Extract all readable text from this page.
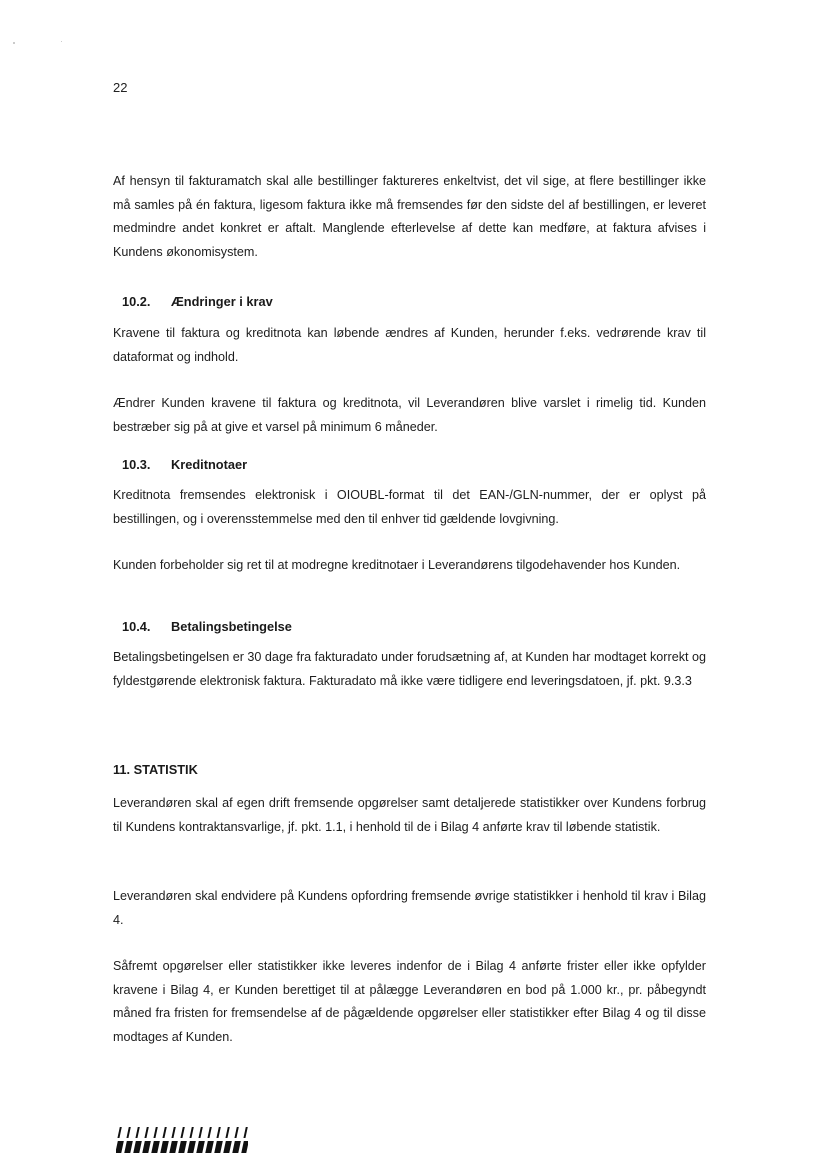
22

Af hensyn til fakturamatch skal alle bestillinger faktureres enkeltvist, det vil sige, at flere bestillinger ikke må samles på én faktura, ligesom faktura ikke må fremsendes før den sidste del af bestillingen, er leveret medmindre andet konkret er aftalt. Manglende efterlevelse af dette kan medføre, at faktura afvises i Kundens økonomisystem.

10.2. Ændringer i krav

Kravene til faktura og kreditnota kan løbende ændres af Kunden, herunder f.eks. vedrørende krav til dataformat og indhold.

Ændrer Kunden kravene til faktura og kreditnota, vil Leverandøren blive varslet i rimelig tid. Kunden bestræber sig på at give et varsel på minimum 6 måneder.

10.3. Kreditnotaer

Kreditnota fremsendes elektronisk i OIOUBL-format til det EAN-/GLN-nummer, der er oplyst på bestillingen, og i overensstemmelse med den til enhver tid gældende lovgivning.

Kunden forbeholder sig ret til at modregne kreditnotaer i Leverandørens tilgodehavender hos Kunden.

10.4. Betalingsbetingelse

Betalingsbetingelsen er 30 dage fra fakturadato under forudsætning af, at Kunden har modtaget korrekt og fyldestgørende elektronisk faktura. Fakturadato må ikke være tidligere end leveringsdatoen, jf. pkt. 9.3.3

11. STATISTIK

Leverandøren skal af egen drift fremsende opgørelser samt detaljerede statistikker over Kundens forbrug til Kundens kontraktansvarlige, jf. pkt. 1.1, i henhold til de i Bilag 4 anførte krav til løbende statistik.

Leverandøren skal endvidere på Kundens opfordring fremsende øvrige statistikker i henhold til krav i Bilag 4.

Såfremt opgørelser eller statistikker ikke leveres indenfor de i Bilag 4 anførte frister eller ikke opfylder kravene i Bilag 4, er Kunden berettiget til at pålægge Leverandøren en bod på 1.000 kr., pr. påbegyndt måned fra fristen for fremsendelse af de pågældende opgørelser eller statistikker efter Bilag 4 og til disse modtages af Kunden.
